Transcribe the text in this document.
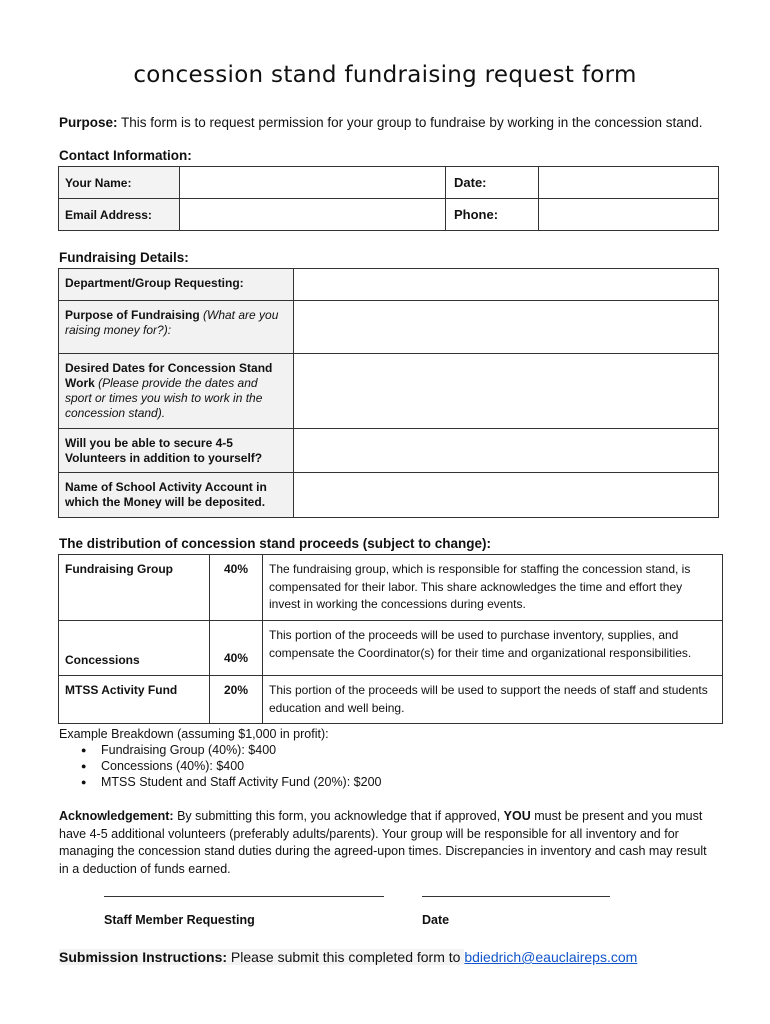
concession stand fundraising request form
Purpose: This form is to request permission for your group to fundraise by working in the concession stand.
Contact Information:
Your Name:		Date:	
Email Address:		Phone:	
Fundraising Details:
Department/Group Requesting:	
Purpose of Fundraising (What are you raising money for?):	
Desired Dates for Concession Stand Work (Please provide the dates and sport or times you wish to work in the concession stand).	
Will you be able to secure 4-5 Volunteers in addition to yourself?	
Name of School Activity Account in which the Money will be deposited.	
The distribution of concession stand proceeds (subject to change):
Fundraising Group	40%	The fundraising group, which is responsible for staffing the concession stand, is compensated for their labor. This share acknowledges the time and effort they invest in working the concessions during events.
Concessions	40%	This portion of the proceeds will be used to purchase inventory, supplies, and compensate the Coordinator(s) for their time and organizational responsibilities.
MTSS Activity Fund	20%	This portion of the proceeds will be used to support the needs of staff and students education and well being.
Example Breakdown (assuming $1,000 in profit):
● Fundraising Group (40%): $400
● Concessions (40%): $400
● MTSS Student and Staff Activity Fund (20%): $200
Acknowledgement: By submitting this form, you acknowledge that if approved, YOU must be present and you must have 4-5 additional volunteers (preferably adults/parents). Your group will be responsible for all inventory and for managing the concession stand duties during the agreed-upon times. Discrepancies in inventory and cash may result in a deduction of funds earned.
Staff Member Requesting	Date
Submission Instructions: Please submit this completed form to bdiedrich@eauclaireps.com
